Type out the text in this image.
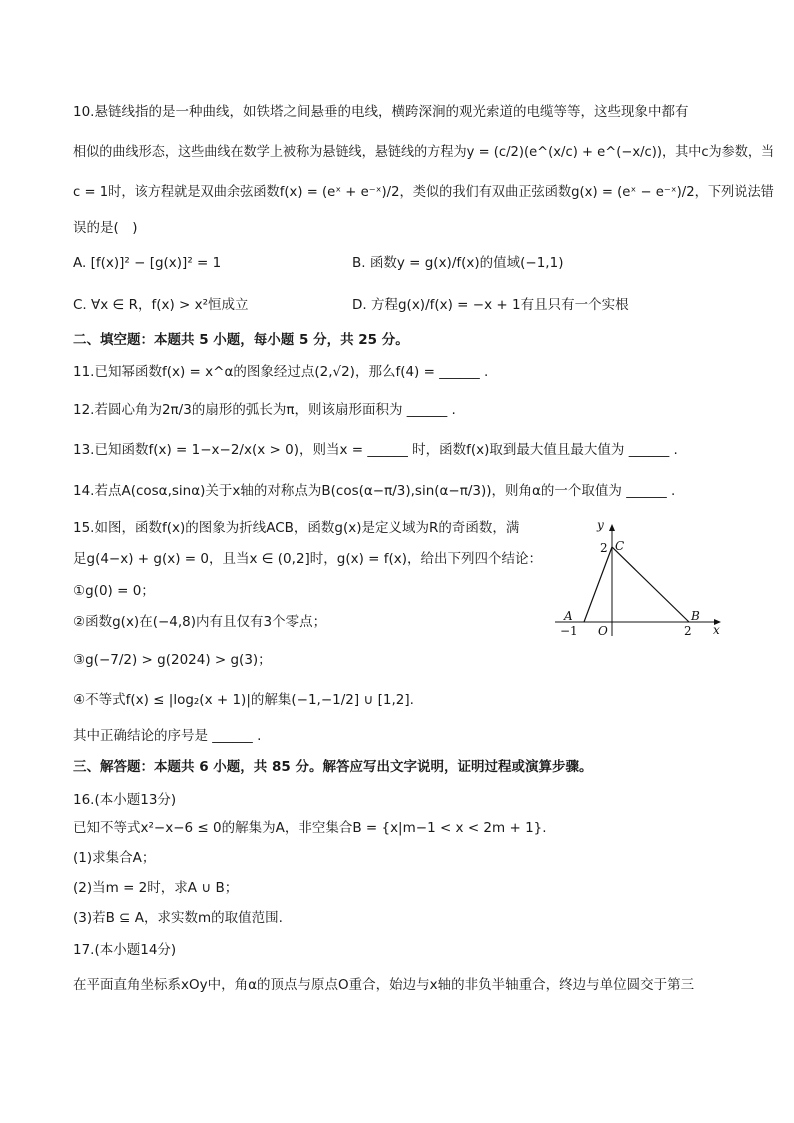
10.悬链线指的是一种曲线，如铁塔之间悬垂的电线，横跨深涧的观光索道的电缆等等，这些现象中都有
相似的曲线形态，这些曲线在数学上被称为悬链线，悬链线的方程为y = (c/2)(e^(x/c) + e^(−x/c))，其中c为参数，当
c = 1时，该方程就是双曲余弦函数f(x) = (eˣ + e⁻ˣ)/2，类似的我们有双曲正弦函数g(x) = (eˣ − e⁻ˣ)/2，下列说法错
误的是(　)
A. [f(x)]² − [g(x)]² = 1	B. 函数y = g(x)/f(x)的值域(−1,1)
C. ∀x ∈ R，f(x) > x²恒成立	D. 方程g(x)/f(x) = −x + 1有且只有一个实根
二、填空题：本题共 5 小题，每小题 5 分，共 25 分。
11.已知幂函数f(x) = x^α的图象经过点(2,√2)，那么f(4) = ______ .
12.若圆心角为2π/3的扇形的弧长为π，则该扇形面积为 ______ .
13.已知函数f(x) = 1−x−2/x(x > 0)，则当x = ______ 时，函数f(x)取到最大值且最大值为 ______ .
14.若点A(cosα,sinα)关于x轴的对称点为B(cos(α−π/3),sin(α−π/3))，则角α的一个取值为 ______ .
15.如图，函数f(x)的图象为折线ACB，函数g(x)是定义域为R的奇函数，满
足g(4−x) + g(x) = 0，且当x ∈ (0,2]时，g(x) = f(x)，给出下列四个结论：
①g(0) = 0；
②函数g(x)在(−4,8)内有且仅有3个零点；
③g(−7/2) > g(2024) > g(3)；
④不等式f(x) ≤ |log₂(x + 1)|的解集(−1,−1/2] ∪ [1,2].
其中正确结论的序号是 ______ .
y
x
2 C
A	B
−1 O	2
三、解答题：本题共 6 小题，共 85 分。解答应写出文字说明，证明过程或演算步骤。
16.(本小题13分)
已知不等式x²−x−6 ≤ 0的解集为A，非空集合B = {x|m−1 < x < 2m + 1}.
(1)求集合A；
(2)当m = 2时，求A ∪ B；
(3)若B ⊆ A，求实数m的取值范围.
17.(本小题14分)
在平面直角坐标系xOy中，角α的顶点与原点O重合，始边与x轴的非负半轴重合，终边与单位圆交于第三
